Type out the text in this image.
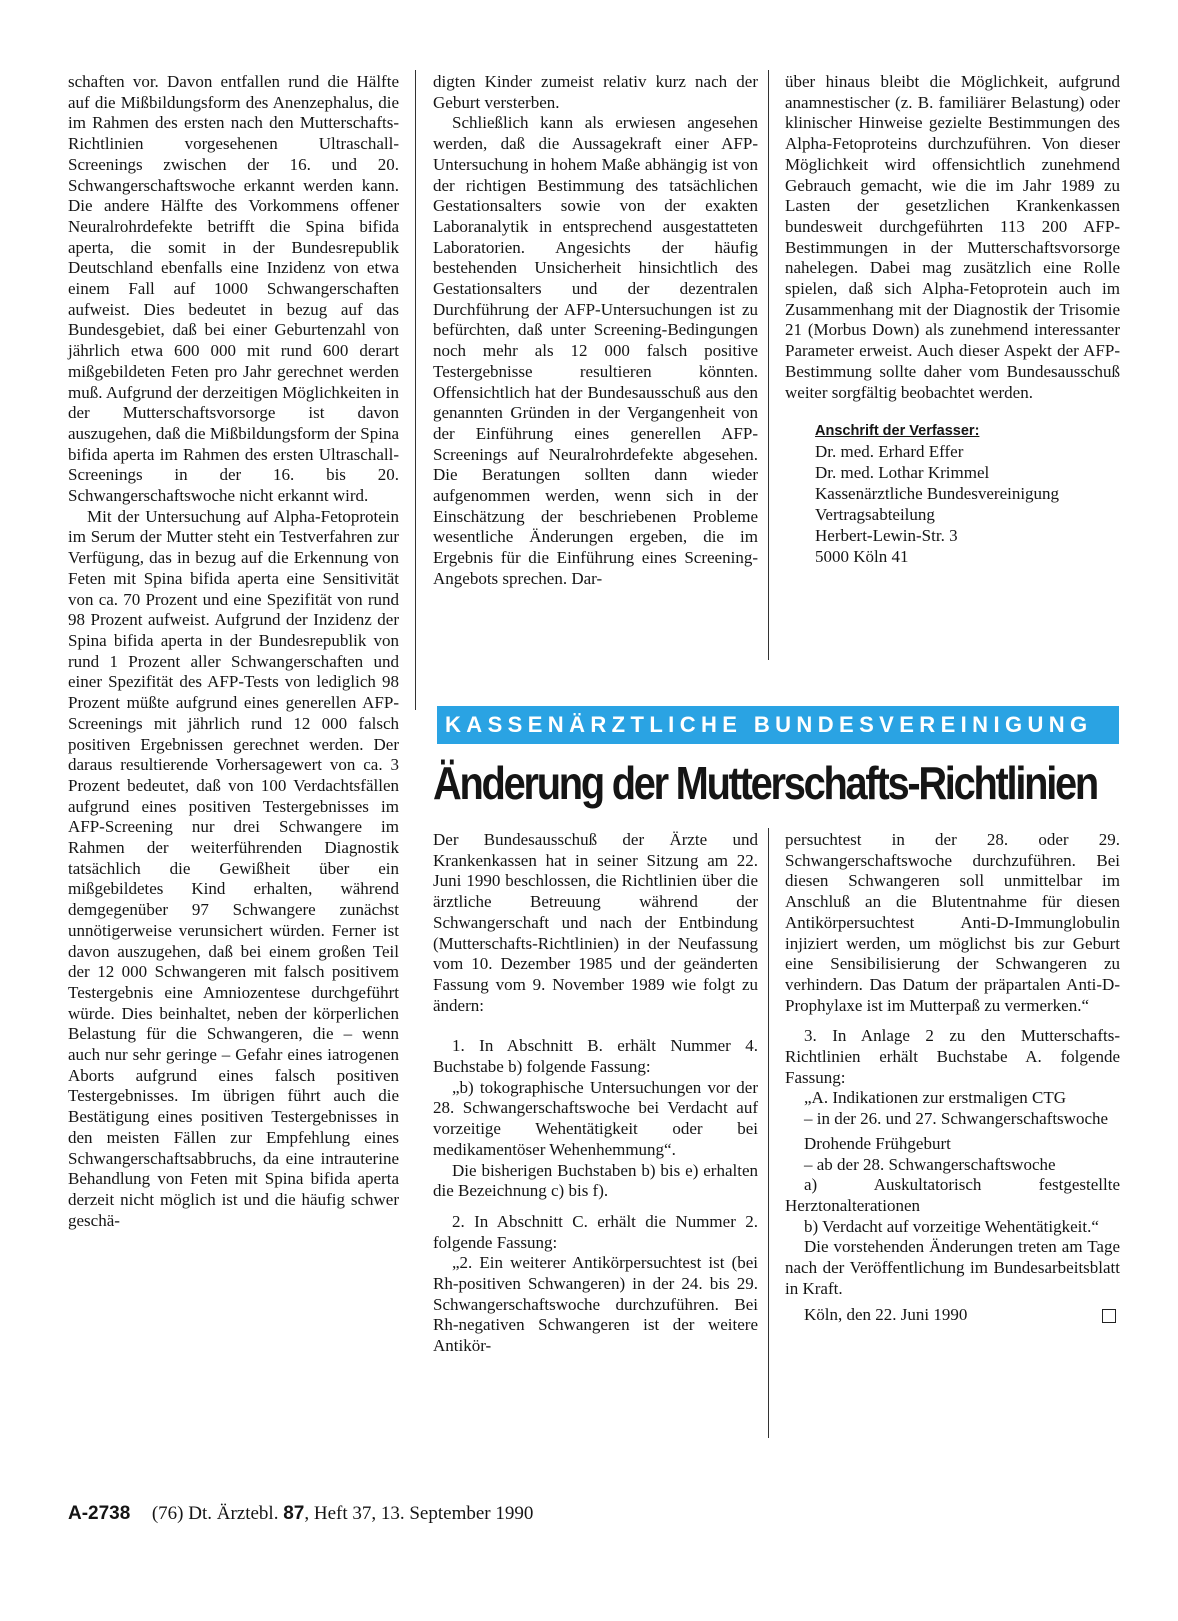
schaften vor. Davon entfallen rund die Hälfte auf die Mißbildungsform des Anenzephalus, die im Rahmen des ersten nach den Mutterschafts-Richtlinien vorgesehenen Ultraschall-Screenings zwischen der 16. und 20. Schwangerschaftswoche erkannt werden kann. Die andere Hälfte des Vorkommens offener Neuralrohrdefekte betrifft die Spina bifida aperta, die somit in der Bundesrepublik Deutschland ebenfalls eine Inzidenz von etwa einem Fall auf 1000 Schwangerschaften aufweist. Dies bedeutet in bezug auf das Bundesgebiet, daß bei einer Geburtenzahl von jährlich etwa 600 000 mit rund 600 derart mißgebildeten Feten pro Jahr gerechnet werden muß. Aufgrund der derzeitigen Möglichkeiten in der Mutterschaftsvorsorge ist davon auszugehen, daß die Mißbildungsform der Spina bifida aperta im Rahmen des ersten Ultraschall-Screenings in der 16. bis 20. Schwangerschaftswoche nicht erkannt wird.

Mit der Untersuchung auf Alpha-Fetoprotein im Serum der Mutter steht ein Testverfahren zur Verfügung, das in bezug auf die Erkennung von Feten mit Spina bifida aperta eine Sensitivität von ca. 70 Prozent und eine Spezifität von rund 98 Prozent aufweist. Aufgrund der Inzidenz der Spina bifida aperta in der Bundesrepublik von rund 1 Prozent aller Schwangerschaften und einer Spezifität des AFP-Tests von lediglich 98 Prozent müßte aufgrund eines generellen AFP-Screenings mit jährlich rund 12 000 falsch positiven Ergebnissen gerechnet werden. Der daraus resultierende Vorhersagewert von ca. 3 Prozent bedeutet, daß von 100 Verdachtsfällen aufgrund eines positiven Testergebnisses im AFP-Screening nur drei Schwangere im Rahmen der weiterführenden Diagnostik tatsächlich die Gewißheit über ein mißgebildetes Kind erhalten, während demgegenüber 97 Schwangere zunächst unnötigerweise verunsichert würden. Ferner ist davon auszugehen, daß bei einem großen Teil der 12 000 Schwangeren mit falsch positivem Testergebnis eine Amniozentese durchgeführt würde. Dies beinhaltet, neben der körperlichen Belastung für die Schwangeren, die – wenn auch nur sehr geringe – Gefahr eines iatrogenen Aborts aufgrund eines falsch positiven Testergebnisses. Im übrigen führt auch die Bestätigung eines positiven Testergebnisses in den meisten Fällen zur Empfehlung eines Schwangerschaftsabbruchs, da eine intrauterine Behandlung von Feten mit Spina bifida aperta derzeit nicht möglich ist und die häufig schwer geschä-

digten Kinder zumeist relativ kurz nach der Geburt versterben.

Schließlich kann als erwiesen angesehen werden, daß die Aussagekraft einer AFP-Untersuchung in hohem Maße abhängig ist von der richtigen Bestimmung des tatsächlichen Gestationsalters sowie von der exakten Laboranalytik in entsprechend ausgestatteten Laboratorien. Angesichts der häufig bestehenden Unsicherheit hinsichtlich des Gestationsalters und der dezentralen Durchführung der AFP-Untersuchungen ist zu befürchten, daß unter Screening-Bedingungen noch mehr als 12 000 falsch positive Testergebnisse resultieren könnten. Offensichtlich hat der Bundesausschuß aus den genannten Gründen in der Vergangenheit von der Einführung eines generellen AFP-Screenings auf Neuralrohrdefekte abgesehen. Die Beratungen sollten dann wieder aufgenommen werden, wenn sich in der Einschätzung der beschriebenen Probleme wesentliche Änderungen ergeben, die im Ergebnis für die Einführung eines Screening-Angebots sprechen. Dar-

über hinaus bleibt die Möglichkeit, aufgrund anamnestischer (z. B. familiärer Belastung) oder klinischer Hinweise gezielte Bestimmungen des Alpha-Fetoproteins durchzuführen. Von dieser Möglichkeit wird offensichtlich zunehmend Gebrauch gemacht, wie die im Jahr 1989 zu Lasten der gesetzlichen Krankenkassen bundesweit durchgeführten 113 200 AFP-Bestimmungen in der Mutterschaftsvorsorge nahelegen. Dabei mag zusätzlich eine Rolle spielen, daß sich Alpha-Fetoprotein auch im Zusammenhang mit der Diagnostik der Trisomie 21 (Morbus Down) als zunehmend interessanter Parameter erweist. Auch dieser Aspekt der AFP-Bestimmung sollte daher vom Bundesausschuß weiter sorgfältig beobachtet werden.

Anschrift der Verfasser:
Dr. med. Erhard Effer
Dr. med. Lothar Krimmel
Kassenärztliche Bundesvereinigung
Vertragsabteilung
Herbert-Lewin-Str. 3
5000 Köln 41
KASSENÄRZTLICHE BUNDESVEREINIGUNG
Änderung der Mutterschafts-Richtlinien

Der Bundesausschuß der Ärzte und Krankenkassen hat in seiner Sitzung am 22. Juni 1990 beschlossen, die Richtlinien über die ärztliche Betreuung während der Schwangerschaft und nach der Entbindung (Mutterschafts-Richtlinien) in der Neufassung vom 10. Dezember 1985 und der geänderten Fassung vom 9. November 1989 wie folgt zu ändern:

1. In Abschnitt B. erhält Nummer 4. Buchstabe b) folgende Fassung:

„b) tokographische Untersuchungen vor der 28. Schwangerschaftswoche bei Verdacht auf vorzeitige Wehentätigkeit oder bei medikamentöser Wehenhemmung“.

Die bisherigen Buchstaben b) bis e) erhalten die Bezeichnung c) bis f).

2. In Abschnitt C. erhält die Nummer 2. folgende Fassung:

„2. Ein weiterer Antikörpersuchtest ist (bei Rh-positiven Schwangeren) in der 24. bis 29. Schwangerschaftswoche durchzuführen. Bei Rh-negativen Schwangeren ist der weitere Antikör-

persuchtest in der 28. oder 29. Schwangerschaftswoche durchzuführen. Bei diesen Schwangeren soll unmittelbar im Anschluß an die Blutentnahme für diesen Antikörpersuchtest Anti-D-Immunglobulin injiziert werden, um möglichst bis zur Geburt eine Sensibilisierung der Schwangeren zu verhindern. Das Datum der präpartalen Anti-D-Prophylaxe ist im Mutterpaß zu vermerken.“

3. In Anlage 2 zu den Mutterschafts-Richtlinien erhält Buchstabe A. folgende Fassung:

„A. Indikationen zur erstmaligen CTG

– in der 26. und 27. Schwangerschaftswoche

Drohende Frühgeburt

– ab der 28. Schwangerschaftswoche

a) Auskultatorisch festgestellte Herztonalterationen

b) Verdacht auf vorzeitige Wehentätigkeit.“

Die vorstehenden Änderungen treten am Tage nach der Veröffentlichung im Bundesarbeitsblatt in Kraft.

Köln, den 22. Juni 1990

A-2738 (76) Dt. Ärztebl. 87, Heft 37, 13. September 1990
